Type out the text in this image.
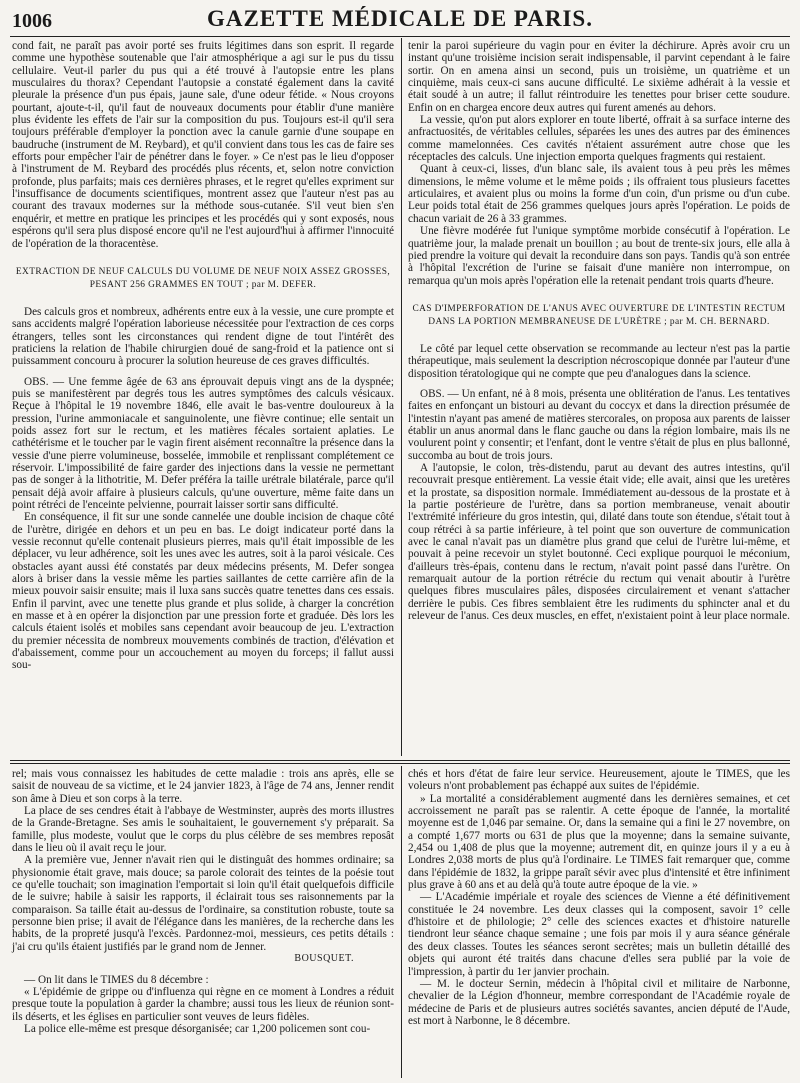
1006	GAZETTE MÉDICALE DE PARIS.

cond fait, ne paraît pas avoir porté ses fruits légitimes dans son esprit. Il regarde comme une hypothèse soutenable que l'air atmosphérique a agi sur le pus du tissu cellulaire. Veut-il parler du pus qui a été trouvé à l'autopsie entre les plans musculaires du thorax? Cependant l'autopsie a constaté également dans la cavité pleurale la présence d'un pus épais, jaune sale, d'une odeur fétide. « Nous croyons pourtant, ajoute-t-il, qu'il faut de nouveaux documents pour établir d'une manière plus évidente les effets de l'air sur la composition du pus. Toujours est-il qu'il sera toujours préférable d'employer la ponction avec la canule garnie d'une soupape en baudruche (instrument de M. Reybard), et qu'il convient dans tous les cas de faire ses efforts pour empêcher l'air de pénétrer dans le foyer. » Ce n'est pas le lieu d'opposer à l'instrument de M. Reybard des procédés plus récents, et, selon notre conviction profonde, plus parfaits; mais ces dernières phrases, et le regret qu'elles expriment sur l'insuffisance de documents scientifiques, montrent assez que l'auteur n'est pas au courant des travaux modernes sur la méthode sous-cutanée. S'il veut bien s'en enquérir, et mettre en pratique les principes et les procédés qui y sont exposés, nous espérons qu'il sera plus disposé encore qu'il ne l'est aujourd'hui à affirmer l'innocuité de l'opération de la thoracentèse.

EXTRACTION DE NEUF CALCULS DU VOLUME DE NEUF NOIX ASSEZ GROSSES, PESANT 256 GRAMMES EN TOUT ; par M. DEFER.

Des calculs gros et nombreux, adhérents entre eux à la vessie, une cure prompte et sans accidents malgré l'opération laborieuse nécessitée pour l'extraction de ces corps étrangers, telles sont les circonstances qui rendent digne de tout l'intérêt des praticiens la relation de l'habile chirurgien doué de sang-froid et la patience ont si puissamment concouru à procurer la solution heureuse de ces graves difficultés.

OBS. — Une femme âgée de 63 ans éprouvait depuis vingt ans de la dyspnée; puis se manifestèrent par degrés tous les autres symptômes des calculs vésicaux. Reçue à l'hôpital le 19 novembre 1846, elle avait le bas-ventre douloureux à la pression, l'urine ammoniacale et sanguinolente, une fièvre continue; elle sentait un poids assez fort sur le rectum, et les matières fécales sortaient aplaties. Le cathétérisme et le toucher par le vagin firent aisément reconnaître la présence dans la vessie d'une pierre volumineuse, bosselée, immobile et renplissant complétement ce réservoir. L'impossibilité de faire garder des injections dans la vessie ne permettant pas de songer à la lithotritie, M. Defer préféra la taille urétrale bilatérale, parce qu'il pensait déjà avoir affaire à plusieurs calculs, qu'une ouverture, même faite dans un point rétréci de l'enceinte pelvienne, pourrait laisser sortir sans difficulté.

En conséquence, il fit sur une sonde cannelée une double incision de chaque côté de l'urètre, dirigée en dehors et un peu en bas. Le doigt indicateur porté dans la vessie reconnut qu'elle contenait plusieurs pierres, mais qu'il était impossible de les déplacer, vu leur adhérence, soit les unes avec les autres, soit à la paroi vésicale. Ces obstacles ayant aussi été constatés par deux médecins présents, M. Defer songea alors à briser dans la vessie même les parties saillantes de cette carrière afin de la mieux pouvoir saisir ensuite; mais il luxa sans succès quatre tenettes dans ces essais. Enfin il parvint, avec une tenette plus grande et plus solide, à charger la concrétion en masse et à en opérer la disjonction par une pression forte et graduée. Dès lors les calculs étaient isolés et mobiles sans cependant avoir beaucoup de jeu. L'extraction du premier nécessita de nombreux mouvements combinés de traction, d'élévation et d'abaissement, comme pour un accouchement au moyen du forceps; il fallut aussi sou-

tenir la paroi supérieure du vagin pour en éviter la déchirure. Après avoir cru un instant qu'une troisième incision serait indispensable, il parvint cependant à le faire sortir. On en amena ainsi un second, puis un troisième, un quatrième et un cinquième, mais ceux-ci sans aucune difficulté. Le sixième adhérait à la vessie et était soudé à un autre; il fallut réintroduire les tenettes pour briser cette soudure. Enfin on en chargea encore deux autres qui furent amenés au dehors.

La vessie, qu'on put alors explorer en toute liberté, offrait à sa surface interne des anfractuosités, de véritables cellules, séparées les unes des autres par des éminences comme mamelonnées. Ces cavités n'étaient assurément autre chose que les réceptacles des calculs. Une injection emporta quelques fragments qui restaient.

Quant à ceux-ci, lisses, d'un blanc sale, ils avaient tous à peu près les mêmes dimensions, le même volume et le même poids ; ils offraient tous plusieurs facettes articulaires, et avaient plus ou moins la forme d'un coin, d'un prisme ou d'un cube. Leur poids total était de 256 grammes quelques jours après l'opération. Le poids de chacun variait de 26 à 33 grammes.

Une fièvre modérée fut l'unique symptôme morbide consécutif à l'opération. Le quatrième jour, la malade prenait un bouillon ; au bout de trente-six jours, elle alla à pied prendre la voiture qui devait la reconduire dans son pays. Tandis qu'à son entrée à l'hôpital l'excrétion de l'urine se faisait d'une manière non interrompue, on remarqua qu'un mois après l'opération elle la retenait pendant trois quarts d'heure.

CAS D'IMPERFORATION DE L'ANUS AVEC OUVERTURE DE L'INTESTIN RECTUM DANS LA PORTION MEMBRANEUSE DE L'URÈTRE ; par M. CH. BERNARD.

Le côté par lequel cette observation se recommande au lecteur n'est pas la partie thérapeutique, mais seulement la description nécroscopique donnée par l'auteur d'une disposition tératologique qui ne compte que peu d'analogues dans la science.

OBS. — Un enfant, né à 8 mois, présenta une oblitération de l'anus. Les tentatives faites en enfonçant un bistouri au devant du coccyx et dans la direction présumée de l'intestin n'ayant pas amené de matières stercorales, on proposa aux parents de laisser établir un anus anormal dans le flanc gauche ou dans la région lombaire, mais ils ne voulurent point y consentir; et l'enfant, dont le ventre s'était de plus en plus ballonné, succomba au bout de trois jours.

A l'autopsie, le colon, très-distendu, parut au devant des autres intestins, qu'il recouvrait presque entièrement. La vessie était vide; elle avait, ainsi que les uretères et la prostate, sa disposition normale. Immédiatement au-dessous de la prostate et à la partie postérieure de l'urètre, dans sa portion membraneuse, venait aboutir l'extrémité inférieure du gros intestin, qui, dilaté dans toute son étendue, s'était tout à coup rétréci à sa partie inférieure, à tel point que son ouverture de communication avec le canal n'avait pas un diamètre plus grand que celui de l'urètre lui-même, et pouvait à peine recevoir un stylet boutonné. Ceci explique pourquoi le méconium, d'ailleurs très-épais, contenu dans le rectum, n'avait point passé dans l'urètre. On remarquait autour de la portion rétrécie du rectum qui venait aboutir à l'urètre quelques fibres musculaires pâles, disposées circulairement et venant s'attacher derrière le pubis. Ces fibres semblaient être les rudiments du sphincter anal et du releveur de l'anus. Ces deux muscles, en effet, n'existaient point à leur place normale.

rel; mais vous connaissez les habitudes de cette maladie : trois ans après, elle se saisit de nouveau de sa victime, et le 24 janvier 1823, à l'âge de 74 ans, Jenner rendit son âme à Dieu et son corps à la terre.

La place de ses cendres était à l'abbaye de Westminster, auprès des morts illustres de la Grande-Bretagne. Ses amis le souhaitaient, le gouvernement s'y préparait. Sa famille, plus modeste, voulut que le corps du plus célèbre de ses membres reposât dans le lieu où il avait reçu le jour.

A la première vue, Jenner n'avait rien qui le distinguât des hommes ordinaire; sa physionomie était grave, mais douce; sa parole colorait des teintes de la poésie tout ce qu'elle touchait; son imagination l'emportait si loin qu'il était quelquefois difficile de le suivre; habile à saisir les rapports, il éclairait tous ses raisonnements par la comparaison. Sa taille était au-dessus de l'ordinaire, sa constitution robuste, toute sa personne bien prise; il avait de l'élégance dans les manières, de la recherche dans les habits, de la propreté jusqu'à l'excès. Pardonnez-moi, messieurs, ces petits détails : j'ai cru qu'ils étaient justifiés par le grand nom de Jenner.

BOUSQUET.

— On lit dans le TIMES du 8 décembre :

« L'épidémie de grippe ou d'influenza qui règne en ce moment à Londres a réduit presque toute la population à garder la chambre; aussi tous les lieux de réunion sont-ils déserts, et les églises en particulier sont veuves de leurs fidèles.

La police elle-même est presque désorganisée; car 1,200 policemen sont cou-

chés et hors d'état de faire leur service. Heureusement, ajoute le TIMES, que les voleurs n'ont probablement pas échappé aux suites de l'épidémie.

» La mortalité a considérablement augmenté dans les dernières semaines, et cet accroissement ne paraît pas se ralentir. A cette époque de l'année, la mortalité moyenne est de 1,046 par semaine. Or, dans la semaine qui a fini le 27 novembre, on a compté 1,677 morts ou 631 de plus que la moyenne; dans la semaine suivante, 2,454 ou 1,408 de plus que la moyenne; autrement dit, en quinze jours il y a eu à Londres 2,038 morts de plus qu'à l'ordinaire. Le TIMES fait remarquer que, comme dans l'épidémie de 1832, la grippe paraît sévir avec plus d'intensité et être infiniment plus grave à 60 ans et au delà qu'à toute autre époque de la vie. »

— L'Académie impériale et royale des sciences de Vienne a été définitivement constituée le 24 novembre. Les deux classes qui la composent, savoir 1° celle d'histoire et de philologie; 2° celle des sciences exactes et d'histoire naturelle tiendront leur séance chaque semaine ; une fois par mois il y aura séance générale des deux classes. Toutes les séances seront secrètes; mais un bulletin détaillé des objets qui auront été traités dans chacune d'elles sera publié par la voie de l'impression, à partir du 1er janvier prochain.

— M. le docteur Sernin, médecin à l'hôpital civil et militaire de Narbonne, chevalier de la Légion d'honneur, membre correspondant de l'Académie royale de médecine de Paris et de plusieurs autres sociétés savantes, ancien député de l'Aude, est mort à Narbonne, le 8 décembre.
